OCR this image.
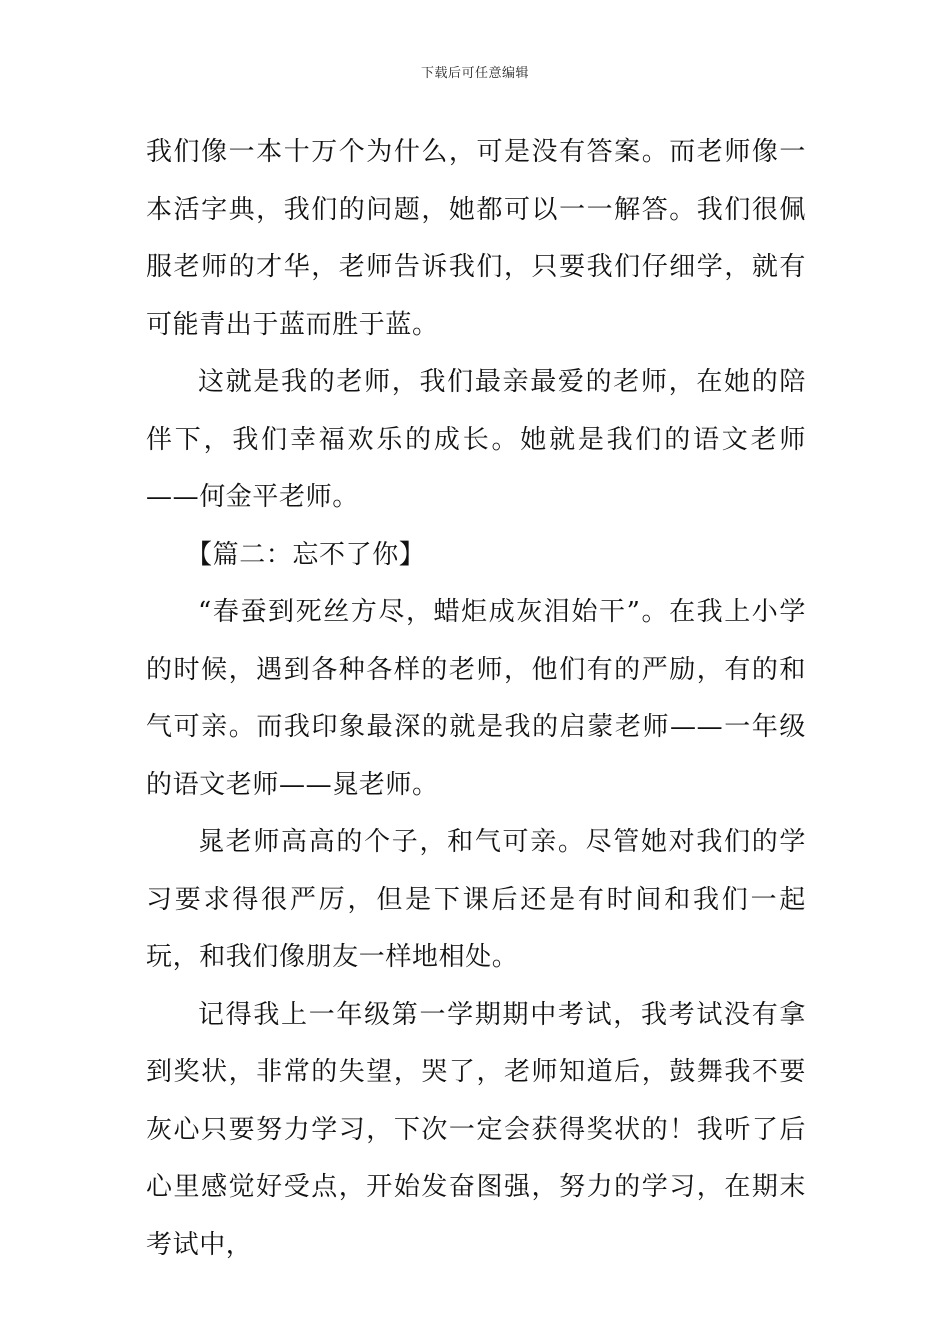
下载后可任意编辑

我们像一本十万个为什么，可是没有答案。而老师像一本活字典，我们的问题，她都可以一一解答。我们很佩服老师的才华，老师告诉我们，只要我们仔细学，就有可能青出于蓝而胜于蓝。

这就是我的老师，我们最亲最爱的老师，在她的陪伴下，我们幸福欢乐的成长。她就是我们的语文老师——何金平老师。

【篇二：忘不了你】

“春蚕到死丝方尽，蜡炬成灰泪始干”。在我上小学的时候，遇到各种各样的老师，他们有的严励，有的和气可亲。而我印象最深的就是我的启蒙老师——一年级的语文老师——晁老师。

晁老师高高的个子，和气可亲。尽管她对我们的学习要求得很严厉，但是下课后还是有时间和我们一起玩，和我们像朋友一样地相处。

记得我上一年级第一学期期中考试，我考试没有拿到奖状，非常的失望，哭了，老师知道后，鼓舞我不要灰心只要努力学习，下次一定会获得奖状的！我听了后心里感觉好受点，开始发奋图强，努力的学习，在期末考试中，
